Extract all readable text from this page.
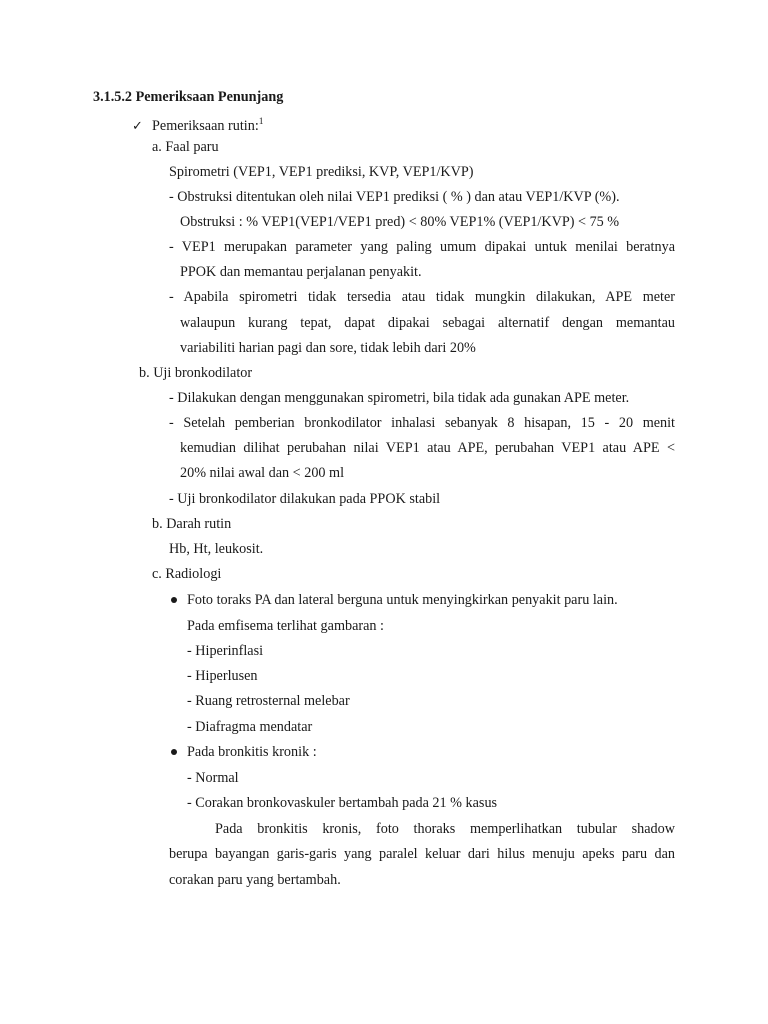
3.1.5.2 Pemeriksaan Penunjang
✓ Pemeriksaan rutin:$^1$
a. Faal paru
Spirometri (VEP1, VEP1 prediksi, KVP, VEP1/KVP)
- Obstruksi ditentukan oleh nilai VEP1 prediksi ( % ) dan atau VEP1/KVP (%).
Obstruksi : % VEP1(VEP1/VEP1 pred) < 80% VEP1% (VEP1/KVP) < 75 %
- VEP1 merupakan parameter yang paling umum dipakai untuk menilai beratnya
PPOK dan memantau perjalanan penyakit.
- Apabila spirometri tidak tersedia atau tidak mungkin dilakukan, APE meter
walaupun kurang tepat, dapat dipakai sebagai alternatif dengan memantau
variabiliti harian pagi dan sore, tidak lebih dari 20%
b. Uji bronkodilator
- Dilakukan dengan menggunakan spirometri, bila tidak ada gunakan APE meter.
- Setelah pemberian bronkodilator inhalasi sebanyak 8 hisapan, 15 - 20 menit
kemudian dilihat perubahan nilai VEP1 atau APE, perubahan VEP1 atau APE <
20% nilai awal dan < 200 ml
- Uji bronkodilator dilakukan pada PPOK stabil
b. Darah rutin
Hb, Ht, leukosit.
c. Radiologi
Foto toraks PA dan lateral berguna untuk menyingkirkan penyakit paru lain.
Pada emfisema terlihat gambaran :
- Hiperinflasi
- Hiperlusen
- Ruang retrosternal melebar
- Diafragma mendatar
Pada bronkitis kronik :
- Normal
- Corakan bronkovaskuler bertambah pada 21 % kasus
Pada bronkitis kronis, foto thoraks memperlihatkan tubular shadow
berupa bayangan garis-garis yang paralel keluar dari hilus menuju apeks paru dan
corakan paru yang bertambah.
